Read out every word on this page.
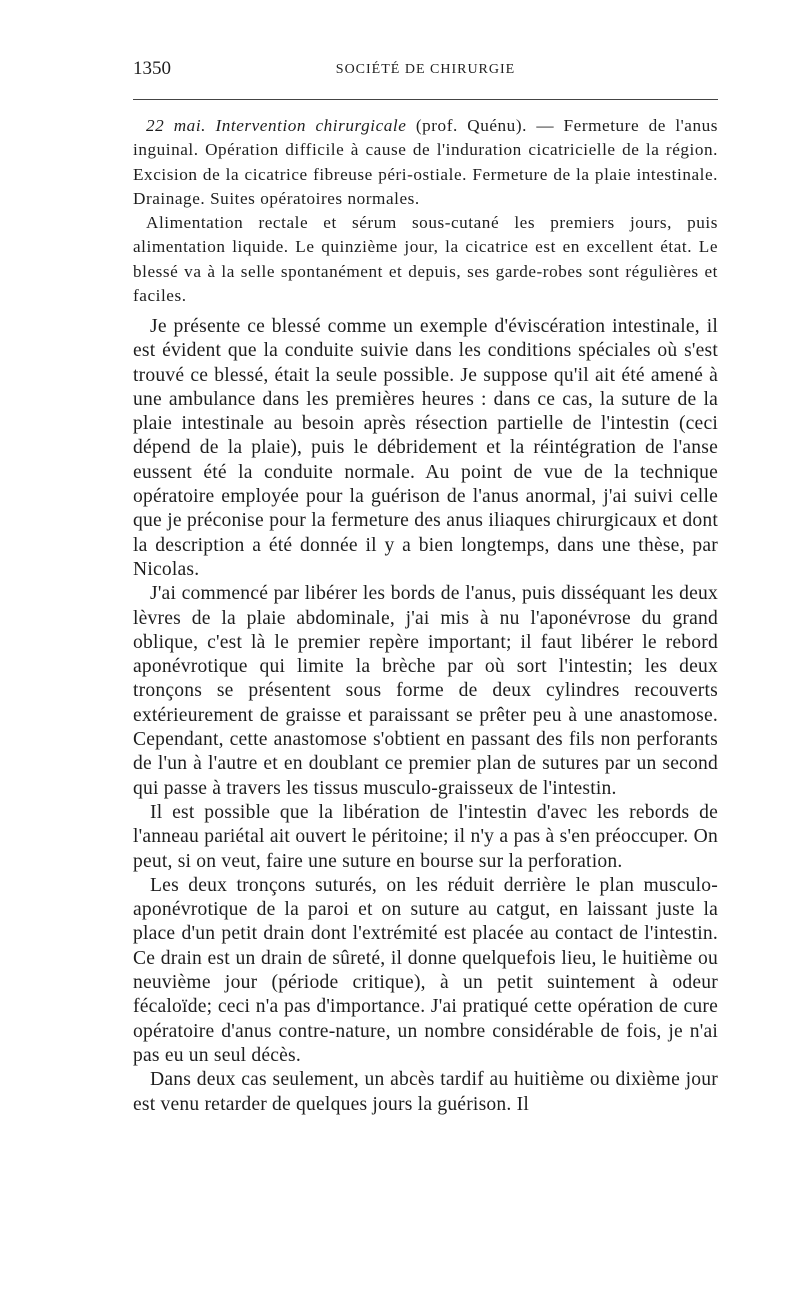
1350	SOCIÉTÉ DE CHIRURGIE

22 mai. Intervention chirurgicale (prof. Quénu). — Fermeture de l'anus inguinal. Opération difficile à cause de l'induration cicatricielle de la région. Excision de la cicatrice fibreuse péri-ostiale. Fermeture de la plaie intestinale. Drainage. Suites opératoires normales.

Alimentation rectale et sérum sous-cutané les premiers jours, puis alimentation liquide. Le quinzième jour, la cicatrice est en excellent état. Le blessé va à la selle spontanément et depuis, ses garde-robes sont régulières et faciles.

Je présente ce blessé comme un exemple d'éviscération intestinale, il est évident que la conduite suivie dans les conditions spéciales où s'est trouvé ce blessé, était la seule possible. Je suppose qu'il ait été amené à une ambulance dans les premières heures : dans ce cas, la suture de la plaie intestinale au besoin après résection partielle de l'intestin (ceci dépend de la plaie), puis le débridement et la réintégration de l'anse eussent été la conduite normale. Au point de vue de la technique opératoire employée pour la guérison de l'anus anormal, j'ai suivi celle que je préconise pour la fermeture des anus iliaques chirurgicaux et dont la description a été donnée il y a bien longtemps, dans une thèse, par Nicolas.

J'ai commencé par libérer les bords de l'anus, puis disséquant les deux lèvres de la plaie abdominale, j'ai mis à nu l'aponévrose du grand oblique, c'est là le premier repère important; il faut libérer le rebord aponévrotique qui limite la brèche par où sort l'intestin; les deux tronçons se présentent sous forme de deux cylindres recouverts extérieurement de graisse et paraissant se prêter peu à une anastomose. Cependant, cette anastomose s'obtient en passant des fils non perforants de l'un à l'autre et en doublant ce premier plan de sutures par un second qui passe à travers les tissus musculo-graisseux de l'intestin.

Il est possible que la libération de l'intestin d'avec les rebords de l'anneau pariétal ait ouvert le péritoine; il n'y a pas à s'en préoccuper. On peut, si on veut, faire une suture en bourse sur la perforation.

Les deux tronçons suturés, on les réduit derrière le plan musculo-aponévrotique de la paroi et on suture au catgut, en laissant juste la place d'un petit drain dont l'extrémité est placée au contact de l'intestin. Ce drain est un drain de sûreté, il donne quelquefois lieu, le huitième ou neuvième jour (période critique), à un petit suintement à odeur fécaloïde; ceci n'a pas d'importance. J'ai pratiqué cette opération de cure opératoire d'anus contre-nature, un nombre considérable de fois, je n'ai pas eu un seul décès.

Dans deux cas seulement, un abcès tardif au huitième ou dixième jour est venu retarder de quelques jours la guérison. Il
